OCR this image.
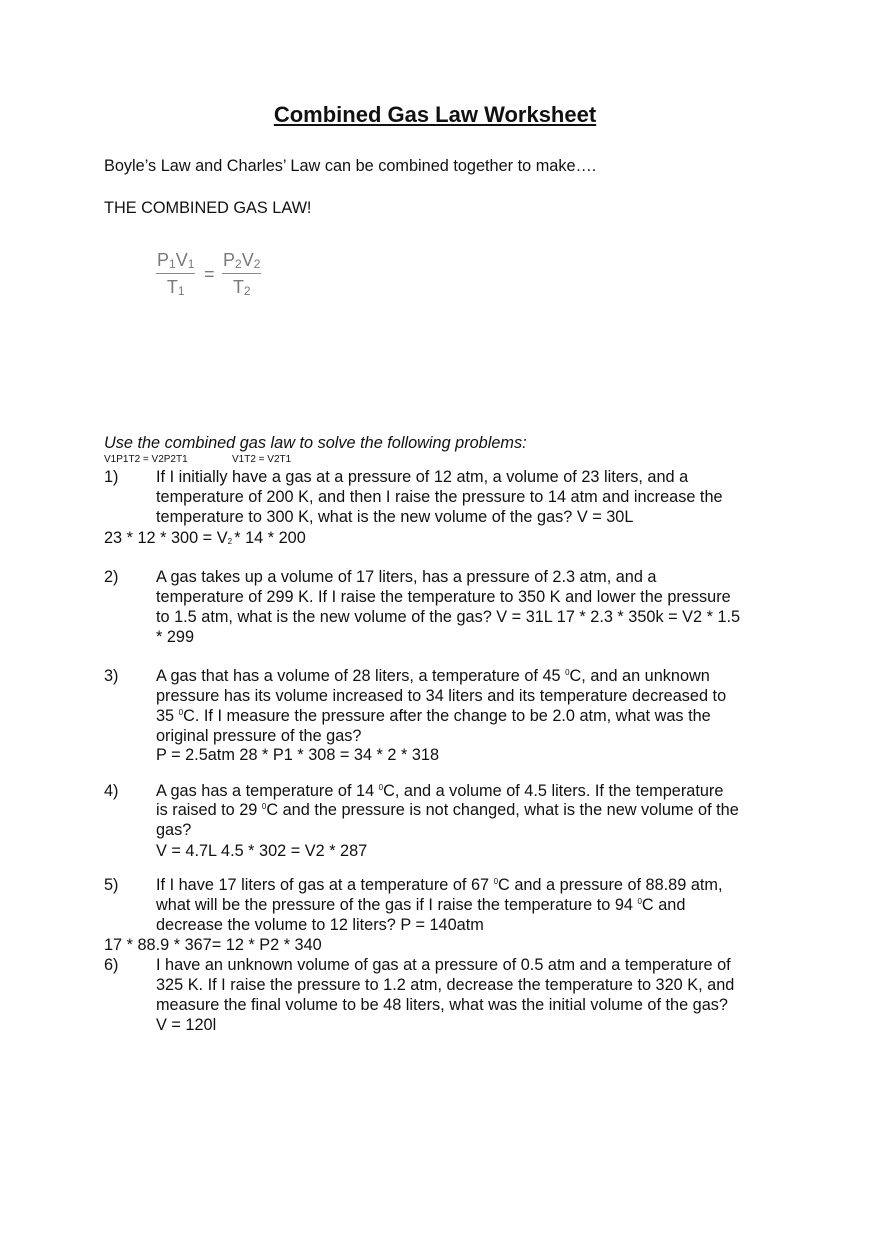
Combined Gas Law Worksheet
Boyle’s Law and Charles’ Law can be combined together to make….
THE COMBINED GAS LAW!
$\frac{P1V1}{T1} = \frac{P2V2}{T2}$
Use the combined gas law to solve the following problems:
V1P1T2 = V2P2T1	V1T2 = V2T1
1) If I initially have a gas at a pressure of 12 atm, a volume of 23 liters, and a
temperature of 200 K, and then I raise the pressure to 14 atm and increase the
temperature to 300 K, what is the new volume of the gas? V = 30L
23 * 12 * 300 = V2 * 14 * 200
2) A gas takes up a volume of 17 liters, has a pressure of 2.3 atm, and a
temperature of 299 K. If I raise the temperature to 350 K and lower the pressure
to 1.5 atm, what is the new volume of the gas? V = 31L 17 * 2.3 * 350k = V2 * 1.5
* 299
3) A gas that has a volume of 28 liters, a temperature of 45 $^0$C, and an unknown
pressure has its volume increased to 34 liters and its temperature decreased to
35 $^0$C. If I measure the pressure after the change to be 2.0 atm, what was the
original pressure of the gas?
P = 2.5atm 28 * P1 * 308 = 34 * 2 * 318
4) A gas has a temperature of 14 $^0$C, and a volume of 4.5 liters. If the temperature
is raised to 29 $^0$C and the pressure is not changed, what is the new volume of the
gas?
V = 4.7L 4.5 * 302 = V2 * 287
5) If I have 17 liters of gas at a temperature of 67 $^0$C and a pressure of 88.89 atm,
what will be the pressure of the gas if I raise the temperature to 94 $^0$C and
decrease the volume to 12 liters? P = 140atm
17 * 88.9 * 367= 12 * P2 * 340
6) I have an unknown volume of gas at a pressure of 0.5 atm and a temperature of
325 K. If I raise the pressure to 1.2 atm, decrease the temperature to 320 K, and
measure the final volume to be 48 liters, what was the initial volume of the gas?
V = 120l
